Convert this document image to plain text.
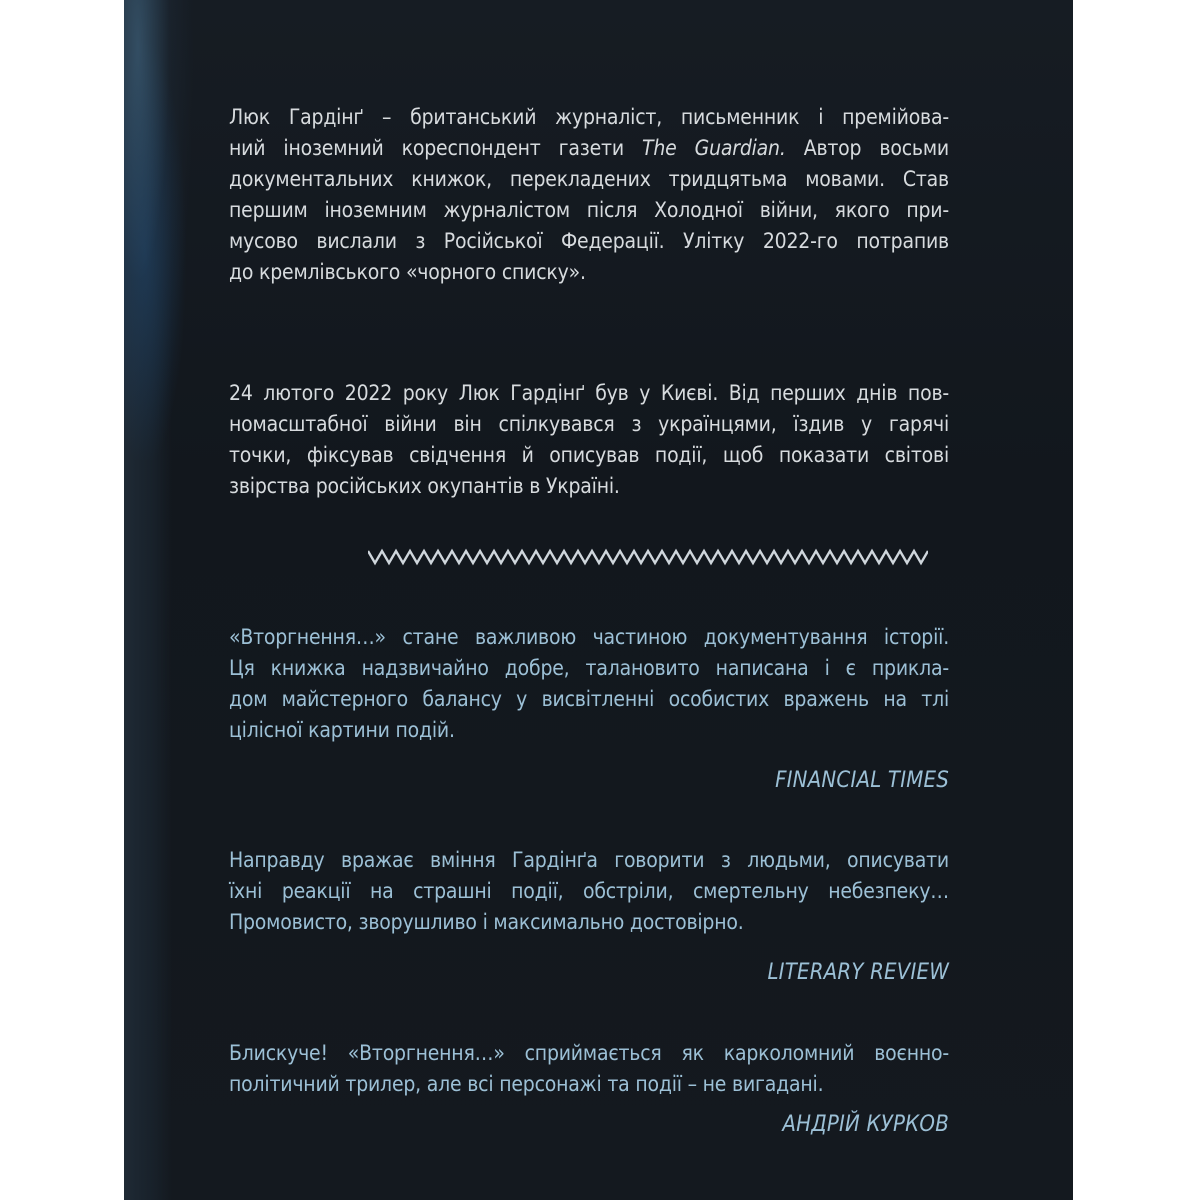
Люк Гардінґ – британський журналіст, письменник і премійова-
ний іноземний кореспондент газети The Guardian. Автор восьми
документальних книжок, перекладених тридцятьма мовами. Став
першим іноземним журналістом після Холодної війни, якого при-
мусово вислали з Російської Федерації. Улітку 2022-го потрапив
до кремлівського «чорного списку».
24 лютого 2022 року Люк Гардінґ був у Києві. Від перших днів пов-
номасштабної війни він спілкувався з українцями, їздив у гарячі
точки, фіксував свідчення й описував події, щоб показати світові
звірства російських окупантів в Україні.
«Вторгнення…» стане важливою частиною документування історії.
Ця книжка надзвичайно добре, талановито написана і є прикла-
дом майстерного балансу у висвітленні особистих вражень на тлі
цілісної картини подій.
FINANCIAL TIMES
Направду вражає вміння Гардінґа говорити з людьми, описувати
їхні реакції на страшні події, обстріли, смертельну небезпеку…
Промовисто, зворушливо і максимально достовірно.
LITERARY REVIEW
Блискуче! «Вторгнення…» сприймається як карколомний воєнно-
політичний трилер, але всі персонажі та події – не вигадані.
АНДРІЙ КУРКОВ
